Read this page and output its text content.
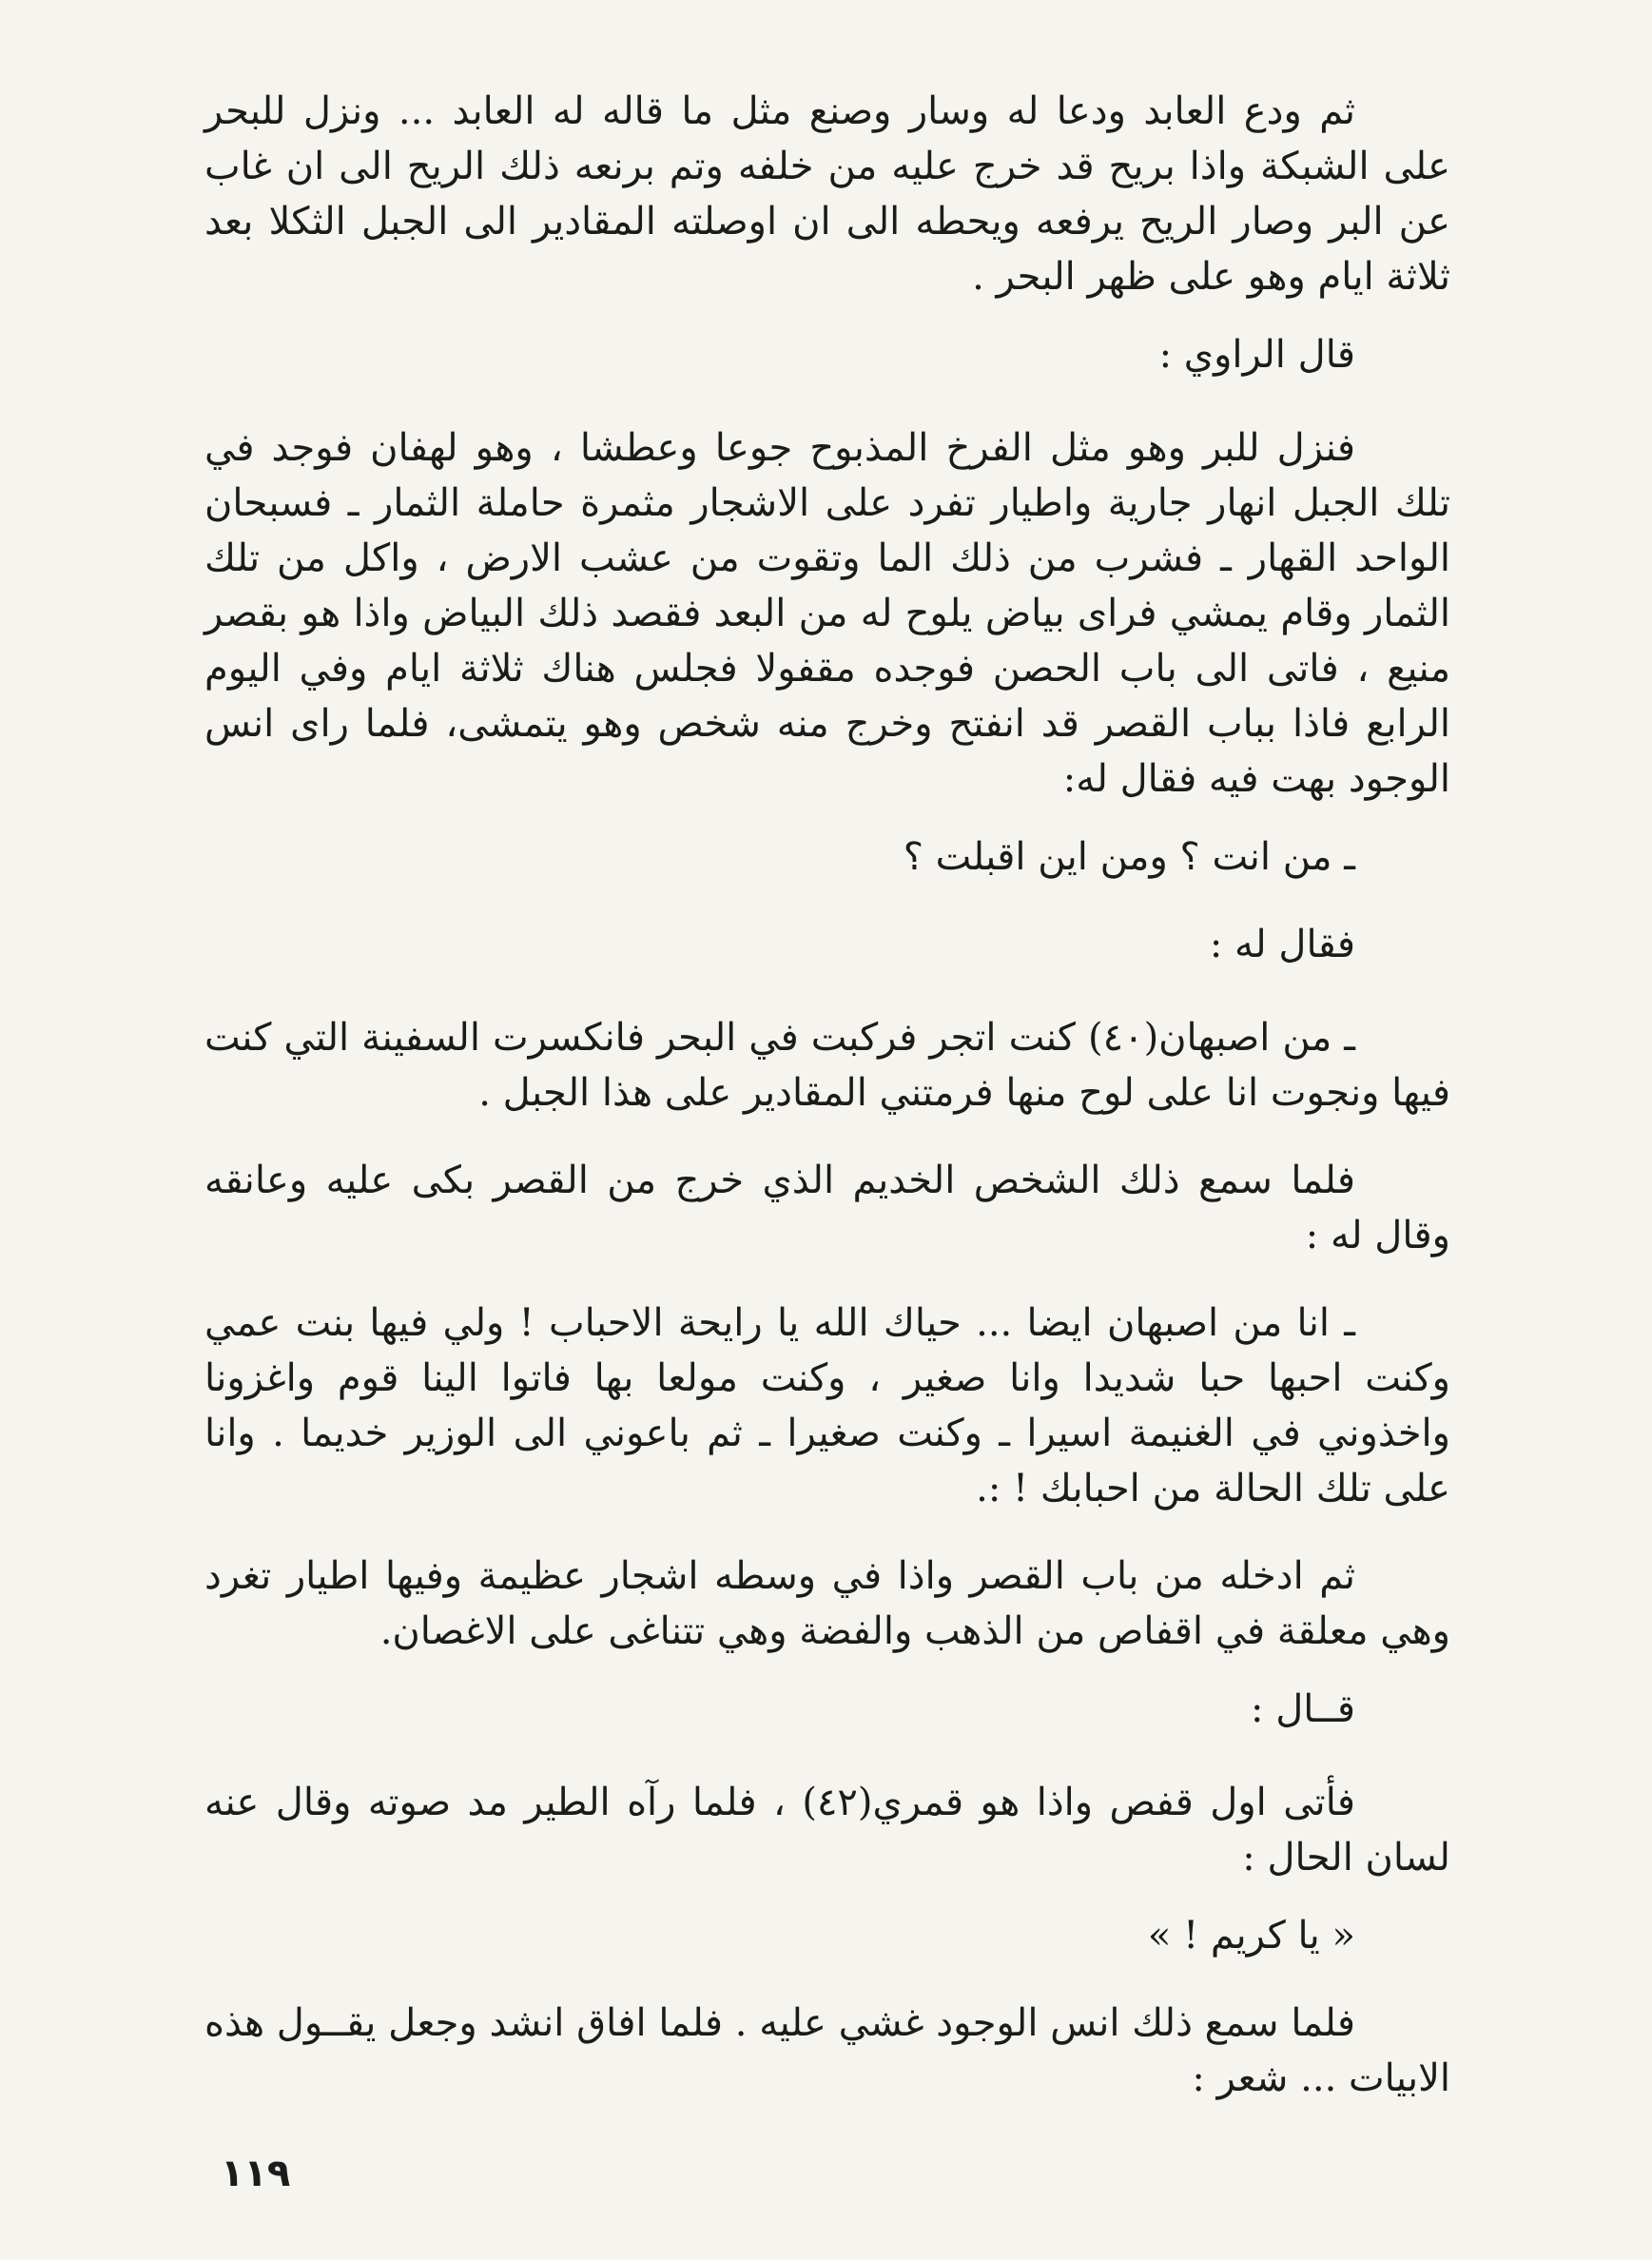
ثم ودع العابد ودعا له وسار وصنع مثل ما قاله له العابد ... ونزل للبحر على الشبكة واذا بريح قد خرج عليه من خلفه وتم برنعه ذلك الريح الى ان غاب عن البر وصار الريح يرفعه ويحطه الى ان اوصلته المقادير الى الجبل الثكلا بعد ثلاثة ايام وهو على ظهر البحر .

قال الراوي :

فنزل للبر وهو مثل الفرخ المذبوح جوعا وعطشا ، وهو لهفان فوجد في تلك الجبل انهار جارية واطيار تفرد على الاشجار مثمرة حاملة الثمار ـ فسبحان الواحد القهار ـ فشرب من ذلك الما وتقوت من عشب الارض ، واكل من تلك الثمار وقام يمشي فراى بياض يلوح له من البعد فقصد ذلك البياض واذا هو بقصر منيع ، فاتى الى باب الحصن فوجده مقفولا فجلس هناك ثلاثة ايام وفي اليوم الرابع فاذا بباب القصر قد انفتح وخرج منه شخص وهو يتمشى، فلما راى انس الوجود بهت فيه فقال له:

ـ من انت ؟ ومن اين اقبلت ؟

فقال له :

ـ من اصبهان(٤٠) كنت اتجر فركبت في البحر فانكسرت السفينة التي كنت فيها ونجوت انا على لوح منها فرمتني المقادير على هذا الجبل .

فلما سمع ذلك الشخص الخديم الذي خرج من القصر بكى عليه وعانقه وقال له :

ـ انا من اصبهان ايضا ... حياك الله يا رايحة الاحباب ! ولي فيها بنت عمي وكنت احبها حبا شديدا وانا صغير ، وكنت مولعا بها فاتوا الينا قوم واغزونا واخذوني في الغنيمة اسيرا ـ وكنت صغيرا ـ ثم باعوني الى الوزير خديما . وانا على تلك الحالة من احبابك ! :.

ثم ادخله من باب القصر واذا في وسطه اشجار عظيمة وفيها اطيار تغرد وهي معلقة في اقفاص من الذهب والفضة وهي تتناغى على الاغصان.

قــال :

فأتى اول قفص واذا هو قمري(٤٢) ، فلما رآه الطير مد صوته وقال عنه لسان الحال :

« يا كريم ! »

فلما سمع ذلك انس الوجود غشي عليه . فلما افاق انشد وجعل يقــول هذه الابيات ... شعر :

١١٩
